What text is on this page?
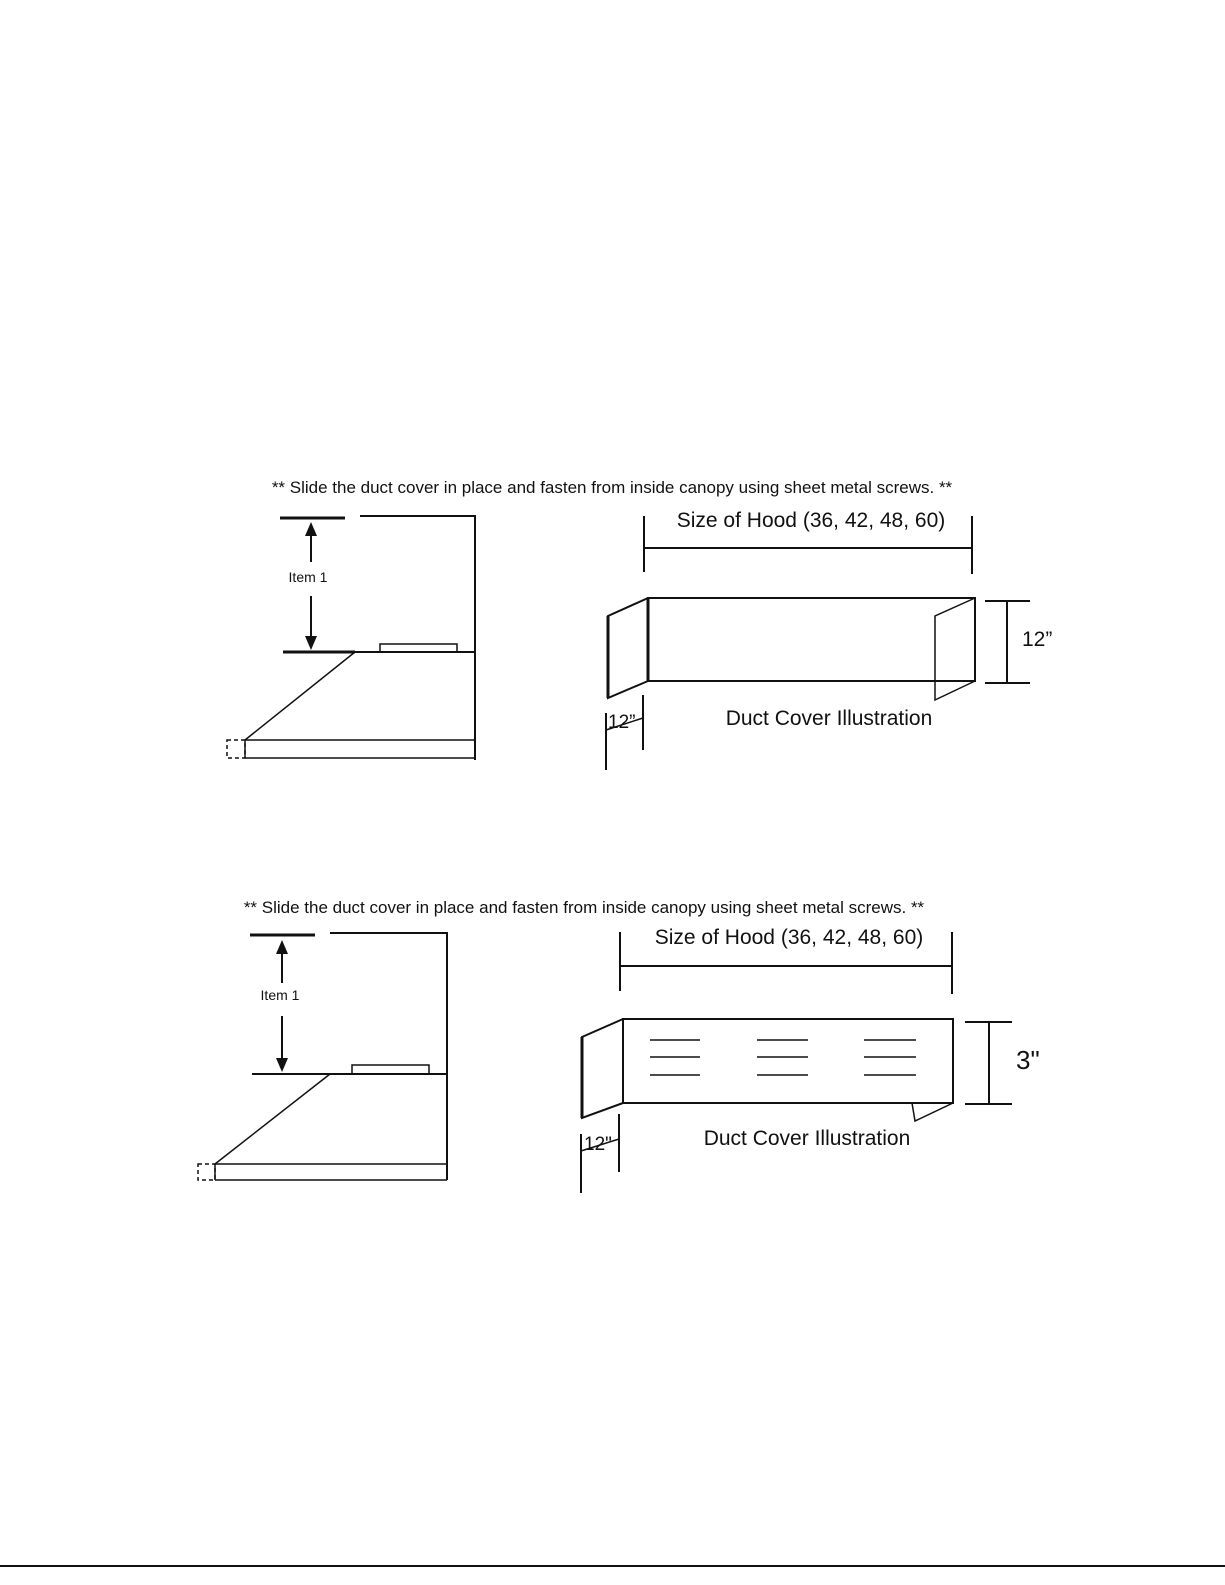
** Slide the duct cover in place and fasten from inside canopy using sheet metal screws. **
Item 1
Size of Hood (36, 42, 48, 60)
12”
12”	Duct Cover Illustration
** Slide the duct cover in place and fasten from inside canopy using sheet metal screws. **
Item 1
Size of Hood (36, 42, 48, 60)
3"
12"	Duct Cover Illustration
